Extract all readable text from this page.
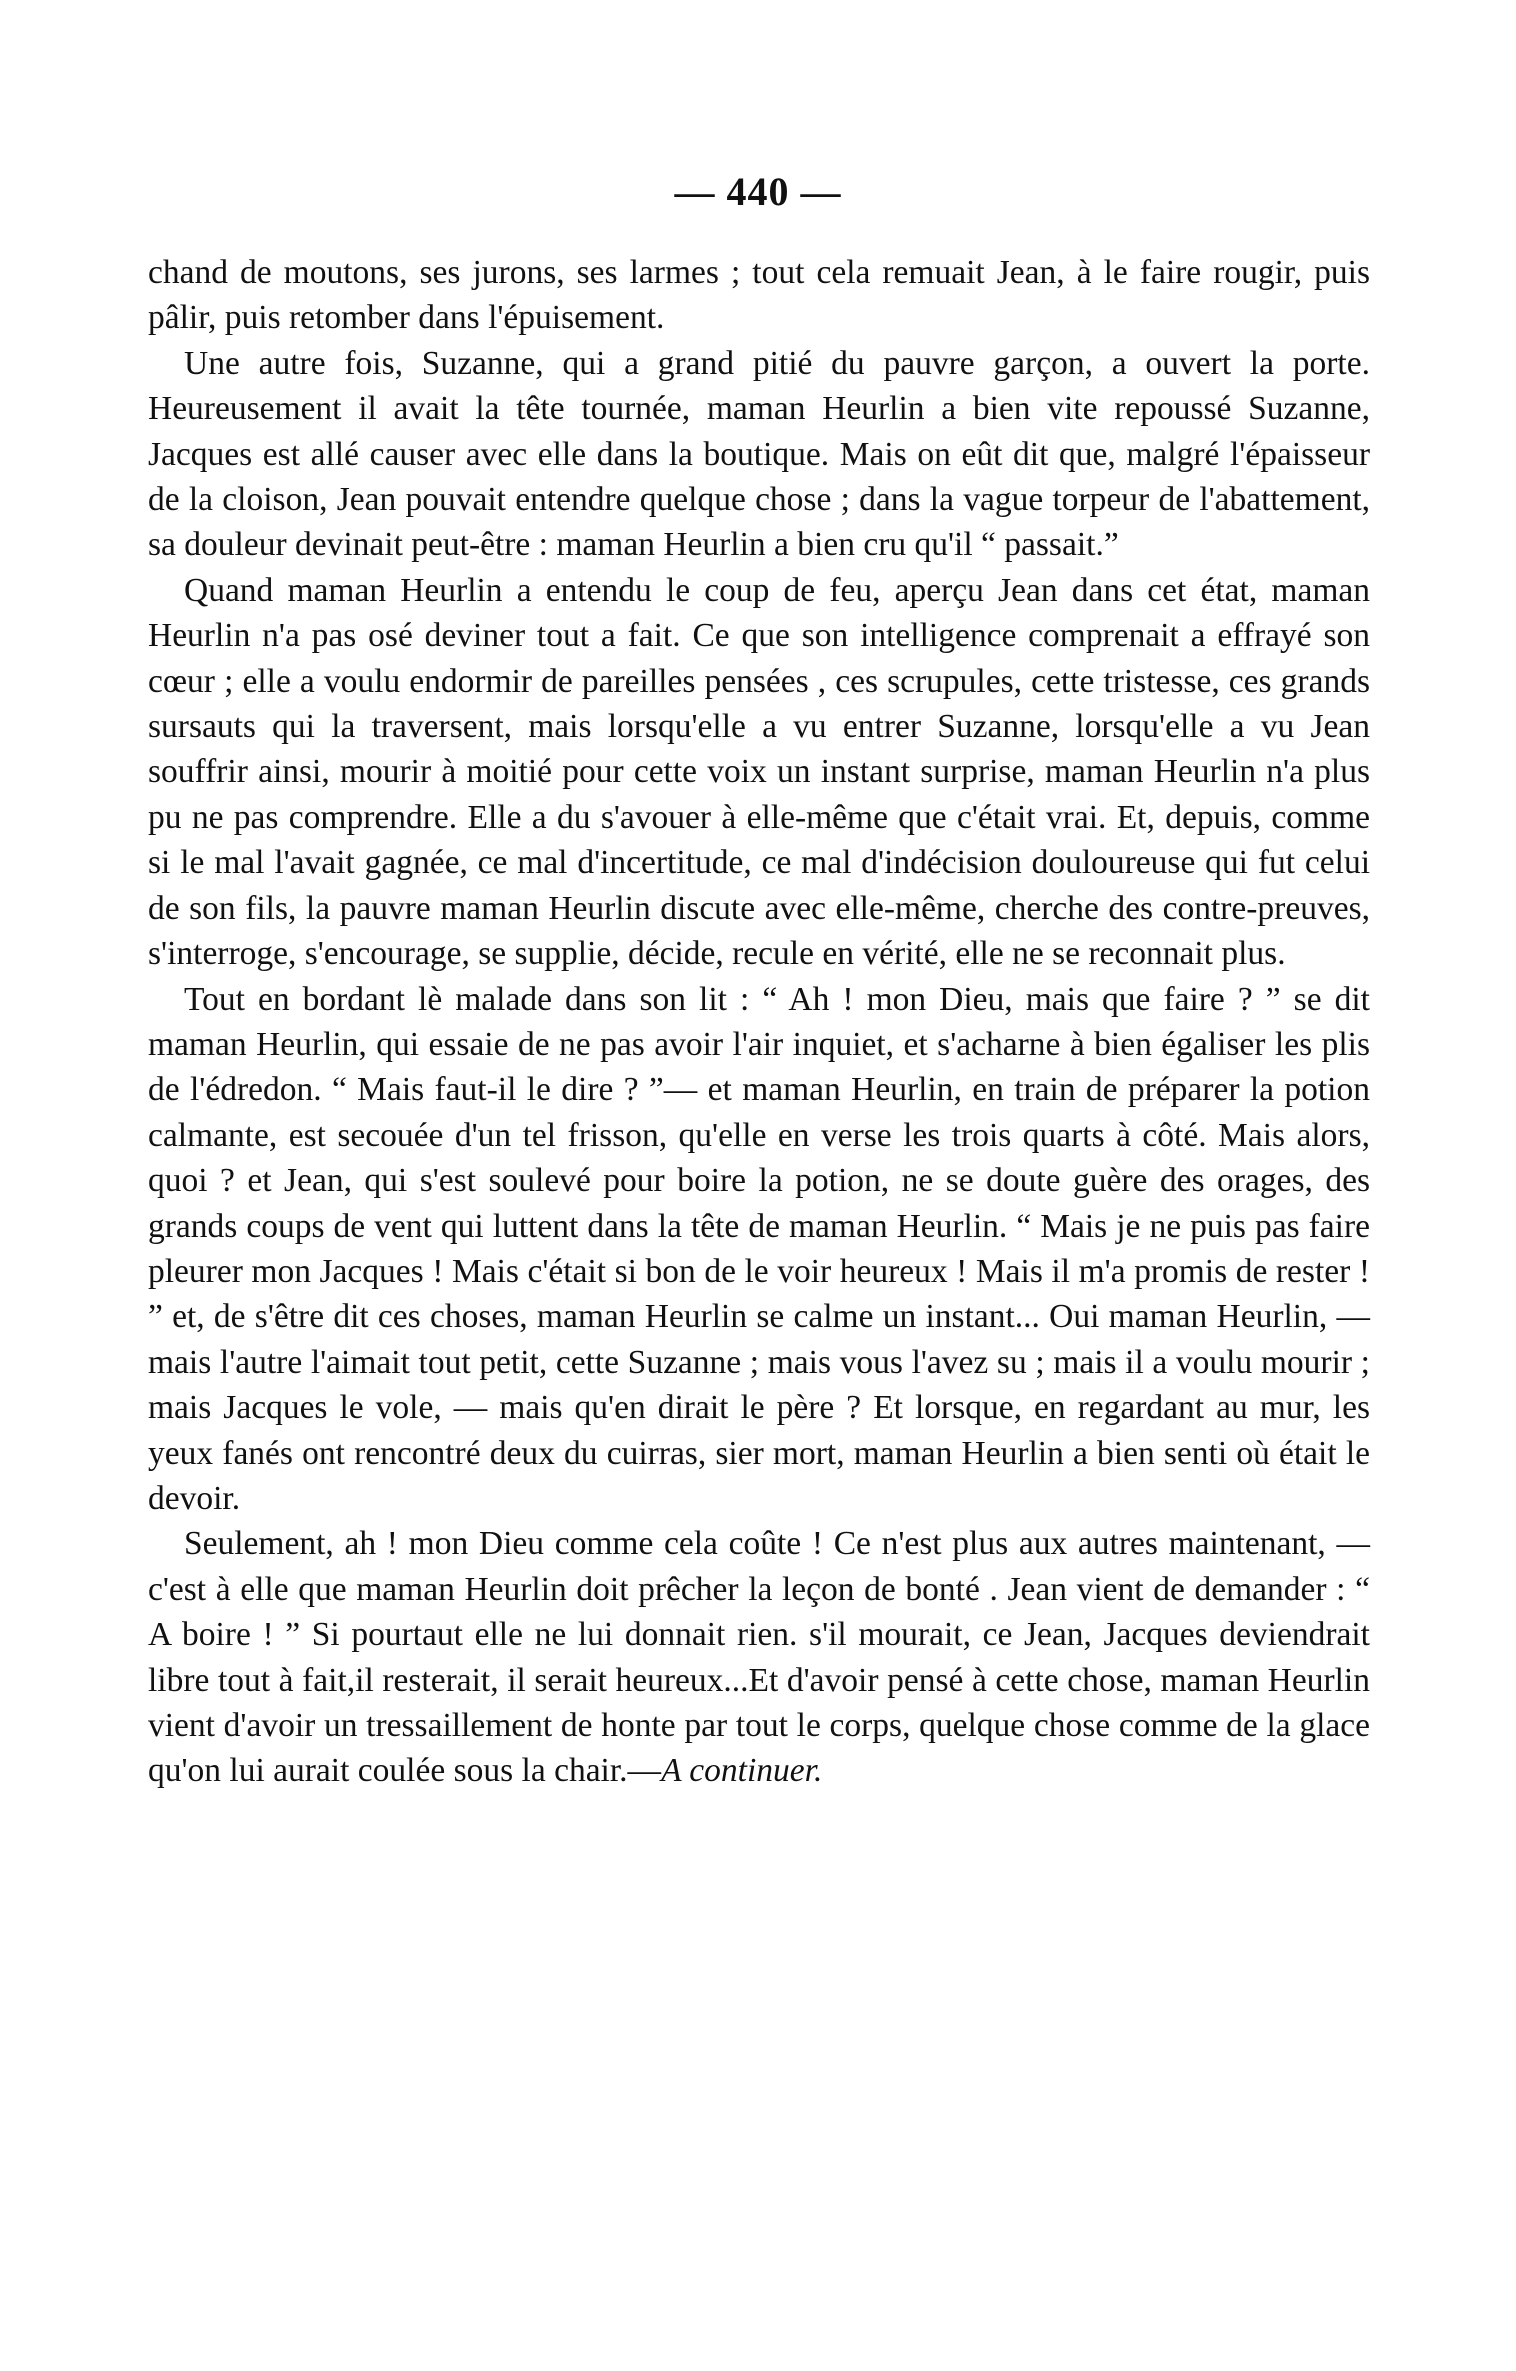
— 440 —

chand de moutons, ses jurons, ses larmes ; tout cela remuait Jean, à le faire rougir, puis pâlir, puis retomber dans l'épuisement.

Une autre fois, Suzanne, qui a grand pitié du pauvre garçon, a ouvert la porte. Heureusement il avait la tête tournée, maman Heurlin a bien vite repoussé Suzanne, Jacques est allé causer avec elle dans la boutique. Mais on eût dit que, malgré l'épaisseur de la cloison, Jean pouvait entendre quelque chose ; dans la vague torpeur de l'abattement, sa douleur devinait peut-être : maman Heurlin a bien cru qu'il “ passait.”

Quand maman Heurlin a entendu le coup de feu, aperçu Jean dans cet état, maman Heurlin n'a pas osé deviner tout a fait. Ce que son intelligence comprenait a effrayé son cœur ; elle a voulu endormir de pareilles pensées , ces scrupules, cette tristesse, ces grands sursauts qui la traversent, mais lorsqu'elle a vu entrer Suzanne, lorsqu'elle a vu Jean souffrir ainsi, mourir à moitié pour cette voix un instant surprise, maman Heurlin n'a plus pu ne pas comprendre. Elle a du s'avouer à elle-même que c'était vrai. Et, depuis, comme si le mal l'avait gagnée, ce mal d'incertitude, ce mal d'indécision douloureuse qui fut celui de son fils, la pauvre maman Heurlin discute avec elle-même, cherche des contre-preuves, s'interroge, s'encourage, se supplie, décide, recule en vérité, elle ne se reconnait plus.

Tout en bordant lè malade dans son lit : “ Ah ! mon Dieu, mais que faire ? ” se dit maman Heurlin, qui essaie de ne pas avoir l'air inquiet, et s'acharne à bien égaliser les plis de l'édredon. “ Mais faut-il le dire ? ”— et maman Heurlin, en train de préparer la potion calmante, est secouée d'un tel frisson, qu'elle en verse les trois quarts à côté. Mais alors, quoi ? et Jean, qui s'est soulevé pour boire la potion, ne se doute guère des orages, des grands coups de vent qui luttent dans la tête de maman Heurlin. “ Mais je ne puis pas faire pleurer mon Jacques ! Mais c'était si bon de le voir heureux ! Mais il m'a promis de rester ! ” et, de s'être dit ces choses, maman Heurlin se calme un instant... Oui maman Heurlin, — mais l'autre l'aimait tout petit, cette Suzanne ; mais vous l'avez su ; mais il a voulu mourir ; mais Jacques le vole, — mais qu'en dirait le père ? Et lorsque, en regardant au mur, les yeux fanés ont rencontré deux du cuirras, sier mort, maman Heurlin a bien senti où était le devoir.

Seulement, ah ! mon Dieu comme cela coûte ! Ce n'est plus aux autres maintenant, — c'est à elle que maman Heurlin doit prêcher la leçon de bonté . Jean vient de demander : “ A boire ! ” Si pourtaut elle ne lui donnait rien. s'il mourait, ce Jean, Jacques deviendrait libre tout à fait,il resterait, il serait heureux...Et d'avoir pensé à cette chose, maman Heurlin vient d'avoir un tressaillement de honte par tout le corps, quelque chose comme de la glace qu'on lui aurait coulée sous la chair.—A continuer.
